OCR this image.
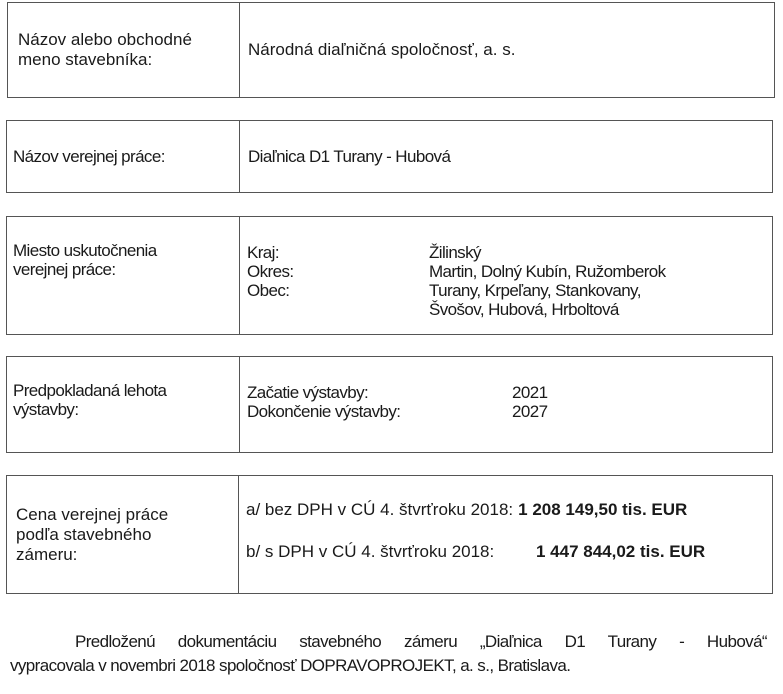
Názov alebo obchodné
meno stavebníka:
Národná diaľničná spoločnosť, a. s.
Názov verejnej práce:	Diaľnica D1 Turany - Hubová
Miesto uskutočnenia
verejnej práce:
Kraj:	Žilinský
Okres:	Martin, Dolný Kubín, Ružomberok
Obec:	Turany, Krpeľany, Stankovany,
Švošov, Hubová, Hrboltová
Predpokladaná lehota
výstavby:
Začatie výstavby:	2021
Dokončenie výstavby:	2027
Cena verejnej práce
podľa stavebného
zámeru:
a/ bez DPH v CÚ 4. štvrťroku 2018: 1 208 149,50 tis. EUR
b/ s DPH v CÚ 4. štvrťroku 2018:	1 447 844,02 tis. EUR
Predloženú dokumentáciu stavebného zámeru „Diaľnica D1 Turany - Hubová“
vypracovala v novembri 2018 spoločnosť DOPRAVOPROJEKT, a. s., Bratislava.
